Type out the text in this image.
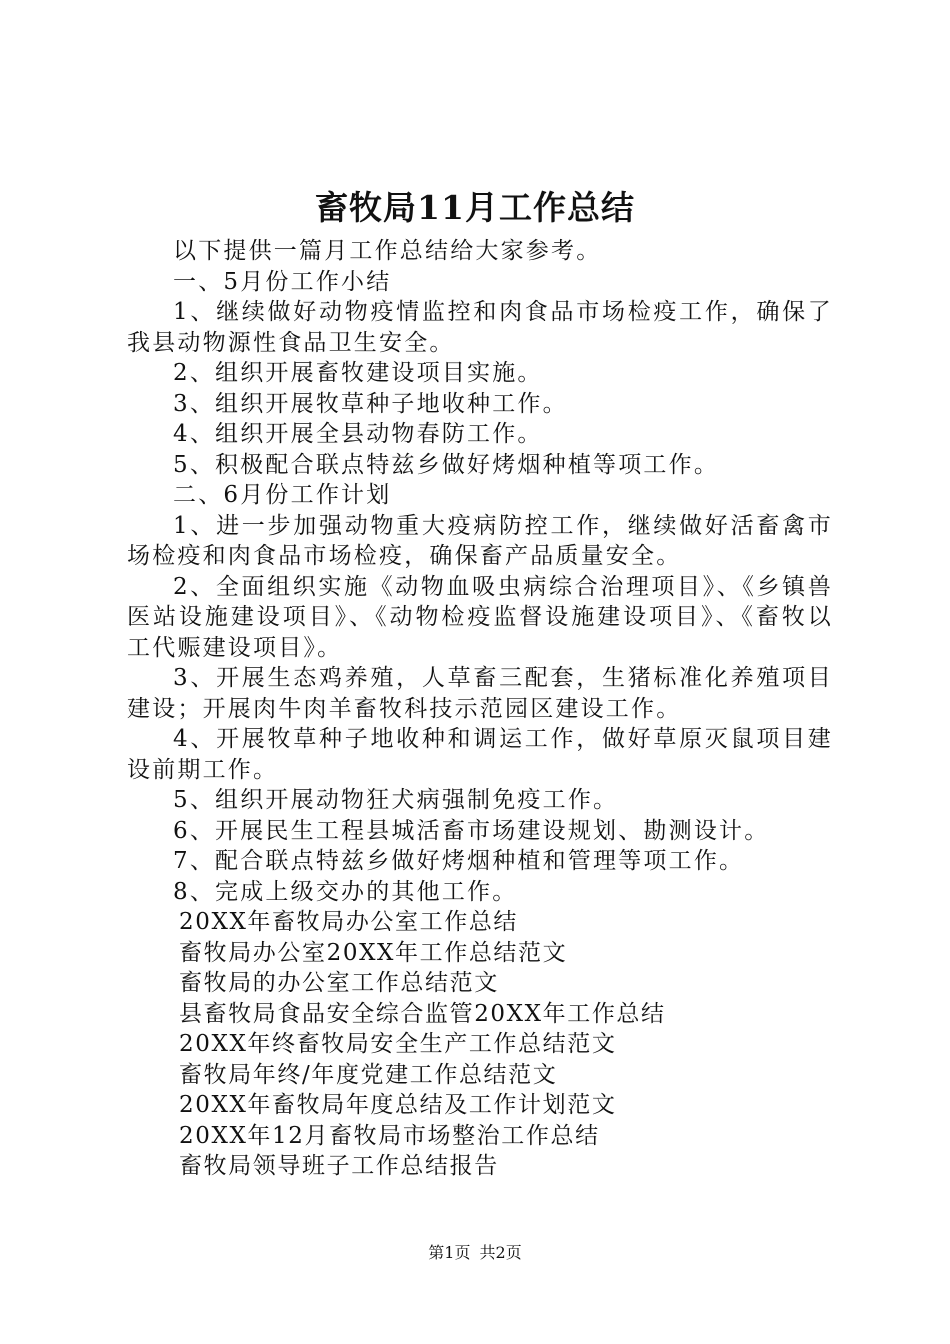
畜牧局11月工作总结

以下提供一篇月工作总结给大家参考。

一、5月份工作小结

1、继续做好动物疫情监控和肉食品市场检疫工作，确保了我县动物源性食品卫生安全。

2、组织开展畜牧建设项目实施。

3、组织开展牧草种子地收种工作。

4、组织开展全县动物春防工作。

5、积极配合联点特兹乡做好烤烟种植等项工作。

二、6月份工作计划

1、进一步加强动物重大疫病防控工作，继续做好活畜禽市场检疫和肉食品市场检疫，确保畜产品质量安全。

2、全面组织实施《动物血吸虫病综合治理项目》、《乡镇兽医站设施建设项目》、《动物检疫监督设施建设项目》、《畜牧以工代赈建设项目》。

3、开展生态鸡养殖，人草畜三配套，生猪标准化养殖项目建设；开展肉牛肉羊畜牧科技示范园区建设工作。

4、开展牧草种子地收种和调运工作，做好草原灭鼠项目建设前期工作。

5、组织开展动物狂犬病强制免疫工作。

6、开展民生工程县城活畜市场建设规划、勘测设计。

7、配合联点特兹乡做好烤烟种植和管理等项工作。

8、完成上级交办的其他工作。

20XX年畜牧局办公室工作总结

畜牧局办公室20XX年工作总结范文

畜牧局的办公室工作总结范文

县畜牧局食品安全综合监管20XX年工作总结

20XX年终畜牧局安全生产工作总结范文

畜牧局年终/年度党建工作总结范文

20XX年畜牧局年度总结及工作计划范文

20XX年12月畜牧局市场整治工作总结

畜牧局领导班子工作总结报告

第1页 共2页
